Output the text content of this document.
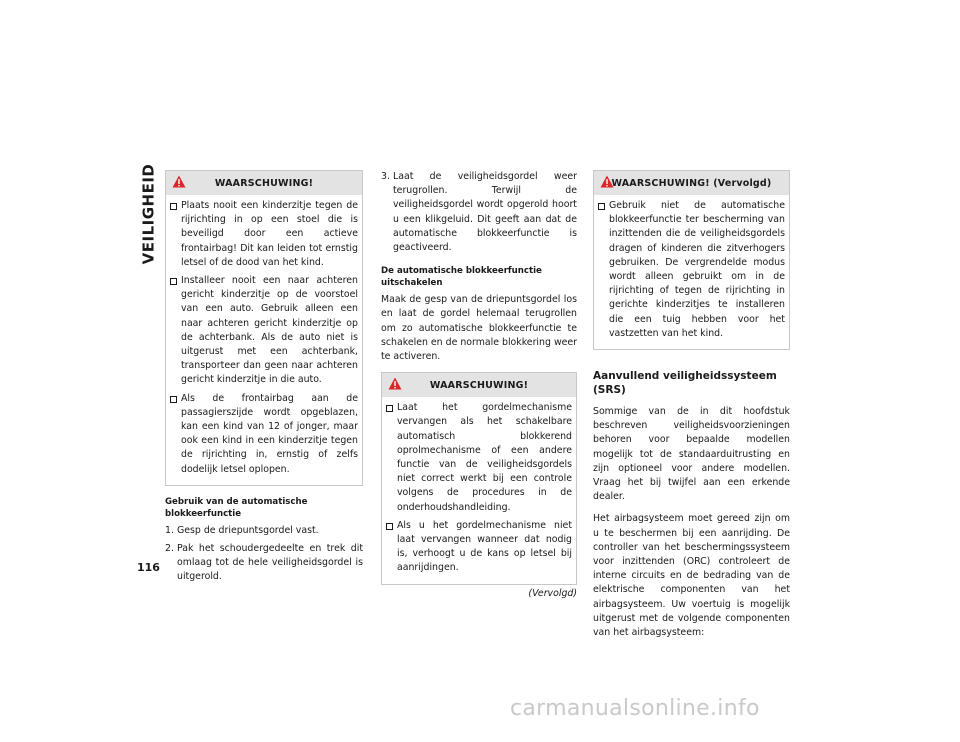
VEILIGHEID	WAARSCHUWING!
Plaats nooit een kinderzitje tegen de rijrichting in op een stoel die is beveiligd door een actieve frontairbag! Dit kan leiden tot ernstig letsel of de dood van het kind.
Installeer nooit een naar achteren gericht kinderzitje op de voorstoel van een auto. Gebruik alleen een naar achteren gericht kinderzitje op de achterbank. Als de auto niet is uitgerust met een achterbank, transporteer dan geen naar achteren gericht kinderzitje in die auto.
Als de frontairbag aan de passagierszijde wordt opgeblazen, kan een kind van 12 of jonger, maar ook een kind in een kinderzitje tegen de rijrichting in, ernstig of zelfs dodelijk letsel oplopen.
Gebruik van de automatische blokkeerfunctie
1. Gesp de driepuntsgordel vast.
2. Pak het schoudergedeelte en trek dit omlaag tot de hele veiligheidsgordel is uitgerold.
3. Laat de veiligheidsgordel weer terugrollen. Terwijl de veiligheidsgordel wordt opgerold hoort u een klikgeluid. Dit geeft aan dat de automatische blokkeerfunctie is geactiveerd.
De automatische blokkeerfunctie uitschakelen

Maak de gesp van de driepuntsgordel los en laat de gordel helemaal terugrollen om zo automatische blokkeerfunctie te schakelen en de normale blokkering weer te activeren.

WAARSCHUWING!
Laat het gordelmechanisme vervangen als het schakelbare automatisch blokkerend oprolmechanisme of een andere functie van de veiligheidsgordels niet correct werkt bij een controle volgens de procedures in de onderhoudshandleiding.
Als u het gordelmechanisme niet laat vervangen wanneer dat nodig is, verhoogt u de kans op letsel bij aanrijdingen.
(Vervolgd)
WAARSCHUWING! (Vervolgd)
Gebruik niet de automatische blokkeerfunctie ter bescherming van inzittenden die de veiligheidsgordels dragen of kinderen die zitverhogers gebruiken. De vergrendelde modus wordt alleen gebruikt om in de rijrichting of tegen de rijrichting in gerichte kinderzitjes te installeren die een tuig hebben voor het vastzetten van het kind.
Aanvullend veiligheidssysteem (SRS)

Sommige van de in dit hoofdstuk beschreven veiligheidsvoorzieningen behoren voor bepaalde modellen mogelijk tot de standaarduitrusting en zijn optioneel voor andere modellen. Vraag het bij twijfel aan een erkende dealer.

Het airbagsysteem moet gereed zijn om u te beschermen bij een aanrijding. De controller van het beschermingssysteem voor inzittenden (ORC) controleert de interne circuits en de bedrading van de elektrische componenten van het airbagsysteem. Uw voertuig is mogelijk uitgerust met de volgende componenten van het airbagsysteem:

116
carmanualsonline.info
